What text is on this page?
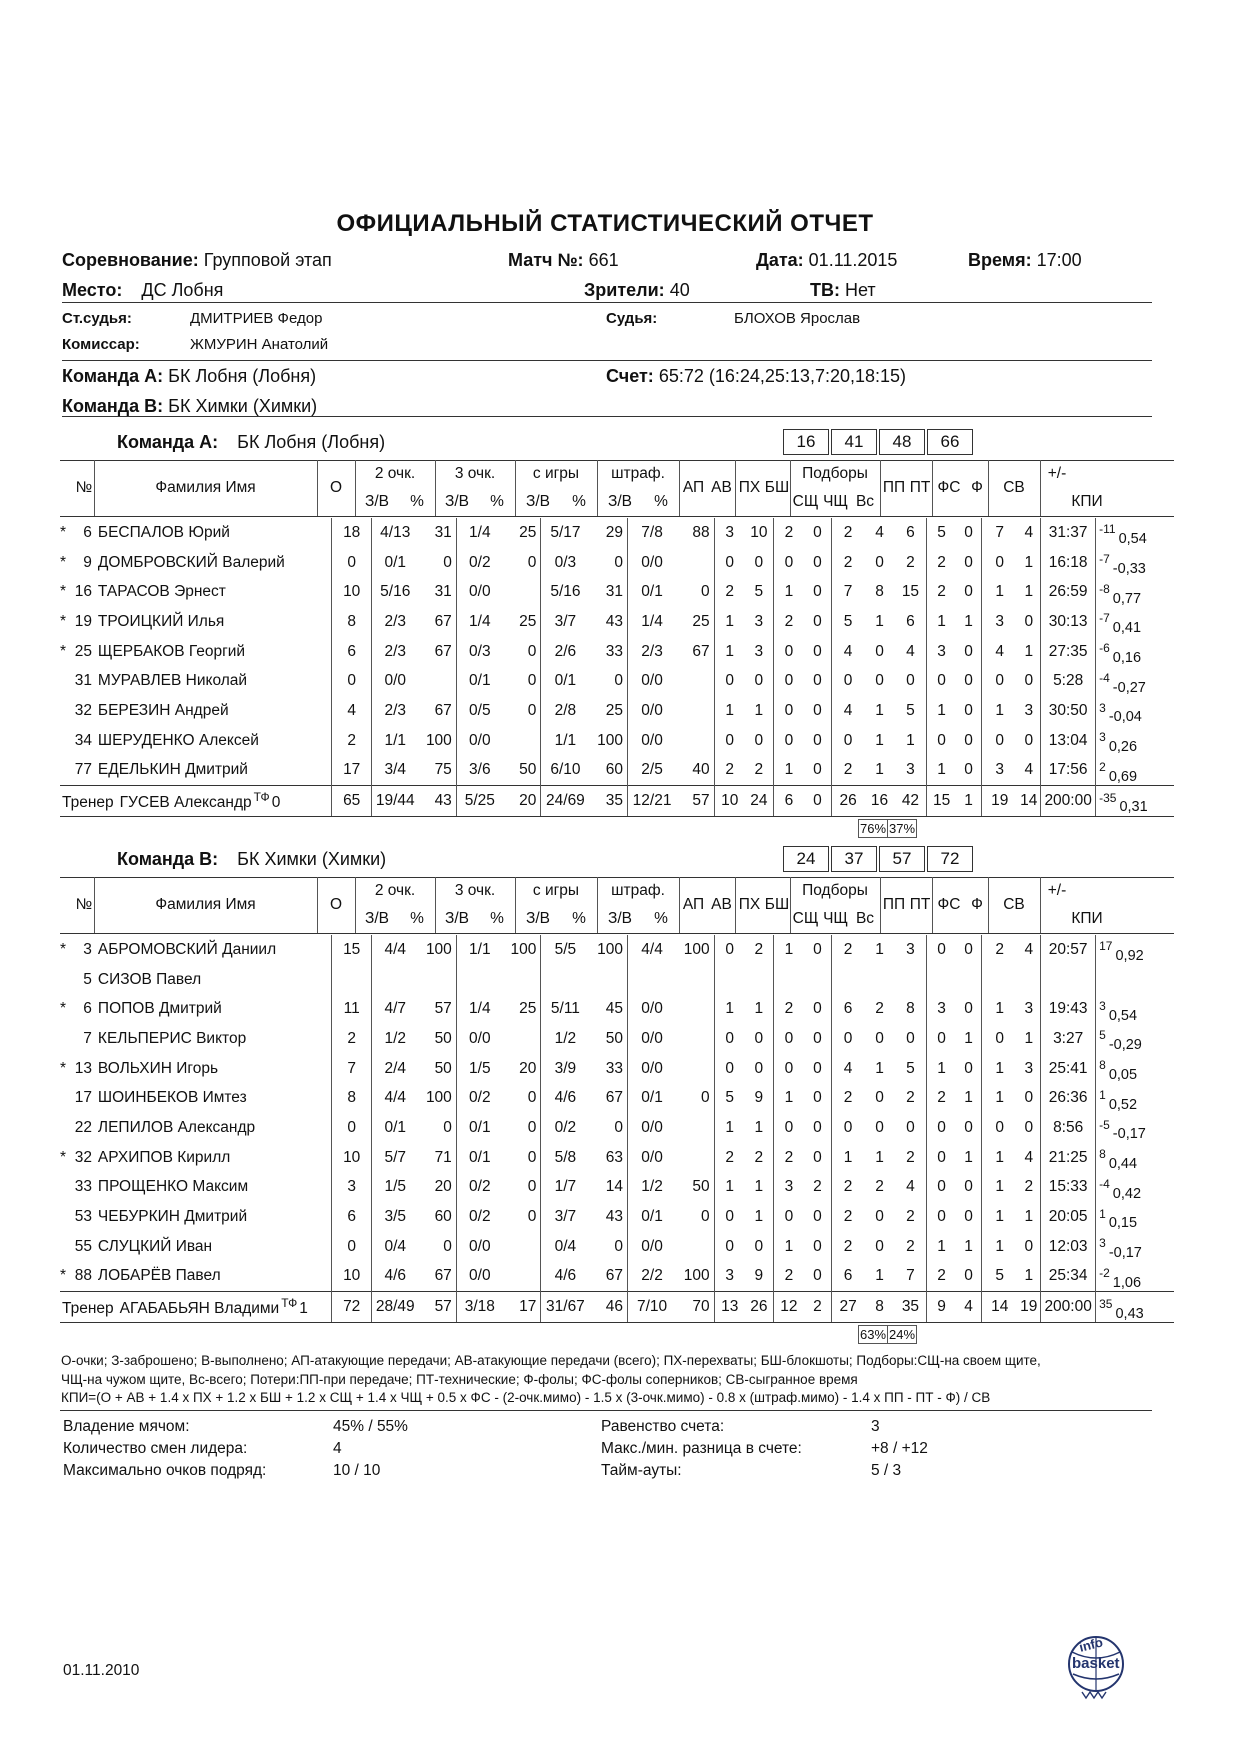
ОФИЦИАЛЬНЫЙ СТАТИСТИЧЕСКИЙ ОТЧЕТ
Соревнование: Групповой этап	Матч №: 661	Дата: 01.11.2015	Время: 17:00
Место: ДС Лобня	Зрители: 40	ТВ: Нет
Ст.судья:	ДМИТРИЕВ Федор	Судья:	БЛОХОВ Ярослав
Комиссар:	ЖМУРИН Анатолий
Команда А: БК Лобня (Лобня)	Счет: 65:72 (16:24,25:13,7:20,18:15)
Команда В: БК Химки (Химки)
Команда А: БК Лобня (Лобня)	16	41	48	66
№	Фамилия Имя	О
2 очк.
З/В	%
3 очк.
З/В	%
с игры
З/В	%
штраф.
З/В	%
АП АВ ПХ БШ
Подборы
СЩ ЧЩ Вс
ПП ПТ ФС Ф	СВ
+/-
КПИ
*	6	БЕСПАЛОВ Юрий	18	4/13	31	1/4	25	5/17	29	7/8	88	3	10	2	0	2	4	6	5	0	7	4	31:37	$^{-11}$0,54
*	9	ДОМБРОВСКИЙ Валерий	0	0/1	0	0/2	0	0/3	0	0/0		0	0	0	0	2	0	2	2	0	0	1	16:18	$^{-7}$-0,33
*	16	ТАРАСОВ Эрнест	10	5/16	31	0/0		5/16	31	0/1	0	2	5	1	0	7	8	15	2	0	1	1	26:59	$^{-8}$0,77
*	19	ТРОИЦКИЙ Илья	8	2/3	67	1/4	25	3/7	43	1/4	25	1	3	2	0	5	1	6	1	1	3	0	30:13	$^{-7}$0,41
*	25	ЩЕРБАКОВ Георгий	6	2/3	67	0/3	0	2/6	33	2/3	67	1	3	0	0	4	0	4	3	0	4	1	27:35	$^{-6}$0,16
	31	МУРАВЛЕВ Николай	0	0/0		0/1	0	0/1	0	0/0		0	0	0	0	0	0	0	0	0	0	0	5:28	$^{-4}$-0,27
	32	БЕРЕЗИН Андрей	4	2/3	67	0/5	0	2/8	25	0/0		1	1	0	0	4	1	5	1	0	1	3	30:50	$^3$-0,04
	34	ШЕРУДЕНКО Алексей	2	1/1	100	0/0		1/1	100	0/0		0	0	0	0	0	1	1	0	0	0	0	13:04	$^3$0,26
	77	ЕДЕЛЬКИН Дмитрий	17	3/4	75	3/6	50	6/10	60	2/5	40	2	2	1	0	2	1	3	1	0	3	4	17:56	$^2$0,69
Тренер ГУСЕВ Александр $^{ТФ}$ 0			65	19/44	43	5/25	20	24/69	35	12/21	57	10	24	6	0	26	16	42	15	1	19	14	200:00	$^{-35}$0,31
76% 37%
Команда В: БК Химки (Химки)	24	37	57	72
№	Фамилия Имя	О
2 очк.
З/В	%
3 очк.
З/В	%
с игры
З/В	%
штраф.
З/В	%
АП АВ ПХ БШ
Подборы
СЩ ЧЩ Вс
ПП ПТ ФС Ф	СВ
+/-
КПИ
*	3	АБРОМОВСКИЙ Даниил	15	4/4	100	1/1	100	5/5	100	4/4	100	0	2	1	0	2	1	3	0	0	2	4	20:57	$^{17}$0,92
	5	СИЗОВ Павел																						
*	6	ПОПОВ Дмитрий	11	4/7	57	1/4	25	5/11	45	0/0		1	1	2	0	6	2	8	3	0	1	3	19:43	$^3$0,54
	7	КЕЛЬПЕРИС Виктор	2	1/2	50	0/0		1/2	50	0/0		0	0	0	0	0	0	0	0	1	0	1	3:27	$^5$-0,29
*	13	ВОЛЬХИН Игорь	7	2/4	50	1/5	20	3/9	33	0/0		0	0	0	0	4	1	5	1	0	1	3	25:41	$^8$0,05
	17	ШОИНБЕКОВ Имтез	8	4/4	100	0/2	0	4/6	67	0/1	0	5	9	1	0	2	0	2	2	1	1	0	26:36	$^1$0,52
	22	ЛЕПИЛОВ Александр	0	0/1	0	0/1	0	0/2	0	0/0		1	1	0	0	0	0	0	0	0	0	0	8:56	$^{-5}$-0,17
*	32	АРХИПОВ Кирилл	10	5/7	71	0/1	0	5/8	63	0/0		2	2	2	0	1	1	2	0	1	1	4	21:25	$^8$0,44
	33	ПРОЩЕНКО Максим	3	1/5	20	0/2	0	1/7	14	1/2	50	1	1	3	2	2	2	4	0	0	1	2	15:33	$^{-4}$0,42
	53	ЧЕБУРКИН Дмитрий	6	3/5	60	0/2	0	3/7	43	0/1	0	0	1	0	0	2	0	2	0	0	1	1	20:05	$^1$0,15
	55	СЛУЦКИЙ Иван	0	0/4	0	0/0		0/4	0	0/0		0	0	1	0	2	0	2	1	1	1	0	12:03	$^3$-0,17
*	88	ЛОБАРЁВ Павел	10	4/6	67	0/0		4/6	67	2/2	100	3	9	2	0	6	1	7	2	0	5	1	25:34	$^{-2}$1,06
Тренер АГАБАБЬЯН Владими $^{ТФ}$ 1			72	28/49	57	3/18	17	31/67	46	7/10	70	13	26	12	2	27	8	35	9	4	14	19	200:00	$^{35}$0,43
63% 24%
О-очки; З-заброшено; В-выполнено; АП-атакующие передачи; АВ-атакующие передачи (всего); ПХ-перехваты; БШ-блокшоты; Подборы:СЩ-на своем щите,
ЧЩ-на чужом щите, Вс-всего; Потери:ПП-при передаче; ПТ-технические; Ф-фолы; ФС-фолы соперников; СВ-сыгранное время
КПИ=(О + АВ + 1.4 x ПХ + 1.2 x БШ + 1.2 x СЩ + 1.4 x ЧЩ + 0.5 x ФС - (2-очк.мимо) - 1.5 x (3-очк.мимо) - 0.8 x (штраф.мимо) - 1.4 x ПП - ПТ - Ф) / СВ
Владение мячом:	45% / 55%
Количество смен лидера:	4
Максимально очков подряд:	10 / 10
Равенство счета:	3
Макс./мин. разница в счете:	+8 / +12
Тайм-ауты:	5 / 3
01.11.2010
info
basket
